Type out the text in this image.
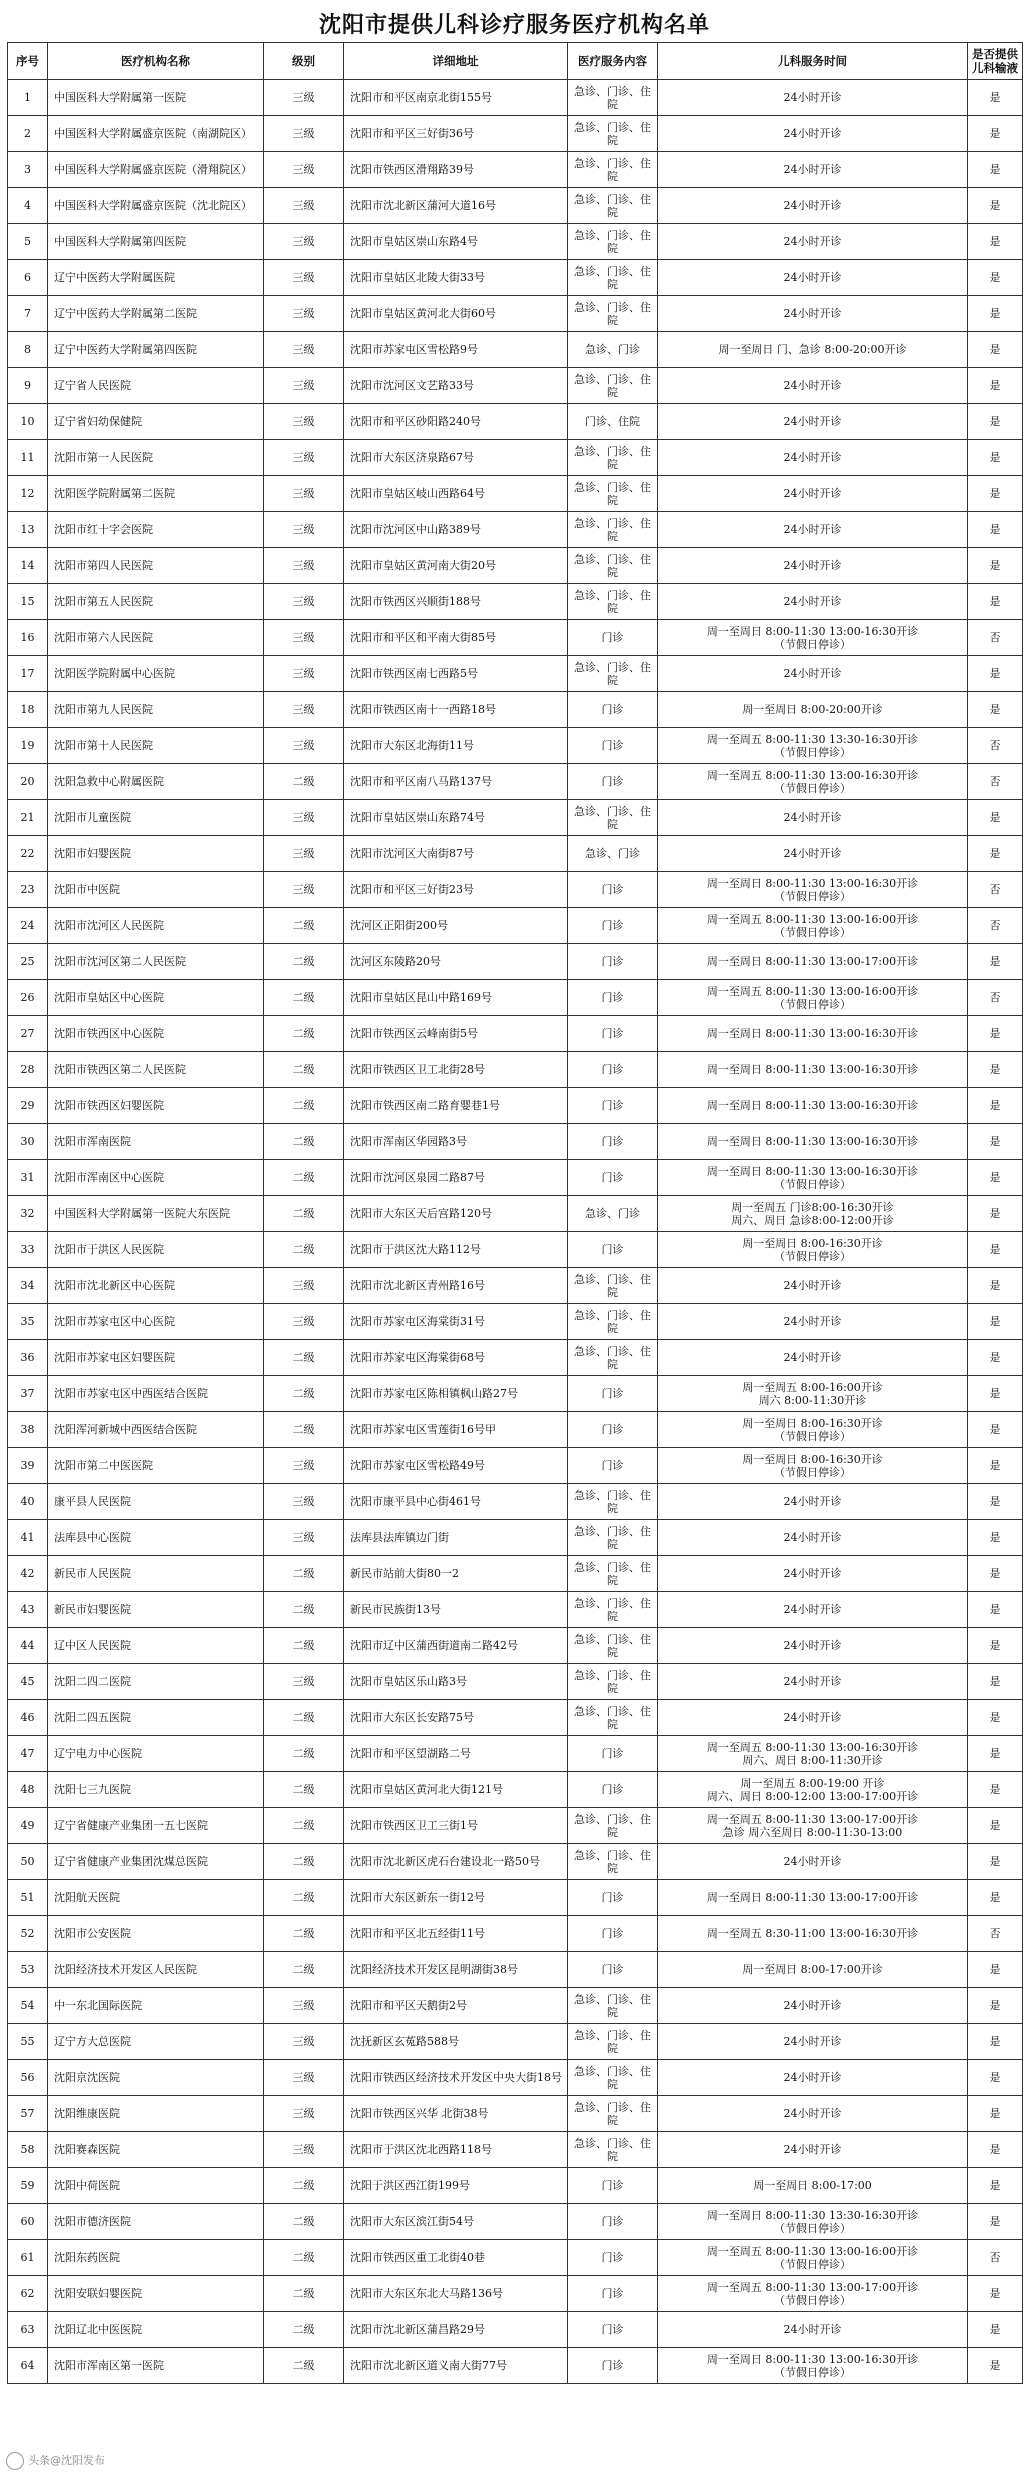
沈阳市提供儿科诊疗服务医疗机构名单
序号	医疗机构名称	级别	详细地址	医疗服务内容	儿科服务时间	是否提供儿科输液
1	中国医科大学附属第一医院	三级	沈阳市和平区南京北街155号	急诊、门诊、住院	24小时开诊	是
2	中国医科大学附属盛京医院（南湖院区）	三级	沈阳市和平区三好街36号	急诊、门诊、住院	24小时开诊	是
3	中国医科大学附属盛京医院（滑翔院区）	三级	沈阳市铁西区滑翔路39号	急诊、门诊、住院	24小时开诊	是
4	中国医科大学附属盛京医院（沈北院区）	三级	沈阳市沈北新区蒲河大道16号	急诊、门诊、住院	24小时开诊	是
5	中国医科大学附属第四医院	三级	沈阳市皇姑区崇山东路4号	急诊、门诊、住院	24小时开诊	是
6	辽宁中医药大学附属医院	三级	沈阳市皇姑区北陵大街33号	急诊、门诊、住院	24小时开诊	是
7	辽宁中医药大学附属第二医院	三级	沈阳市皇姑区黄河北大街60号	急诊、门诊、住院	24小时开诊	是
8	辽宁中医药大学附属第四医院	三级	沈阳市苏家屯区雪松路9号	急诊、门诊	周一至周日 门、急诊 8:00-20:00开诊	是
9	辽宁省人民医院	三级	沈阳市沈河区文艺路33号	急诊、门诊、住院	24小时开诊	是
10	辽宁省妇幼保健院	三级	沈阳市和平区砂阳路240号	门诊、住院	24小时开诊	是
11	沈阳市第一人民医院	三级	沈阳市大东区济泉路67号	急诊、门诊、住院	24小时开诊	是
12	沈阳医学院附属第二医院	三级	沈阳市皇姑区岐山西路64号	急诊、门诊、住院	24小时开诊	是
13	沈阳市红十字会医院	三级	沈阳市沈河区中山路389号	急诊、门诊、住院	24小时开诊	是
14	沈阳市第四人民医院	三级	沈阳市皇姑区黄河南大街20号	急诊、门诊、住院	24小时开诊	是
15	沈阳市第五人民医院	三级	沈阳市铁西区兴顺街188号	急诊、门诊、住院	24小时开诊	是
16	沈阳市第六人民医院	三级	沈阳市和平区和平南大街85号	门诊	周一至周日 8:00-11:30 13:00-16:30开诊
（节假日停诊）	否
17	沈阳医学院附属中心医院	三级	沈阳市铁西区南七西路5号	急诊、门诊、住院	24小时开诊	是
18	沈阳市第九人民医院	三级	沈阳市铁西区南十一西路18号	门诊	周一至周日 8:00-20:00开诊	是
19	沈阳市第十人民医院	三级	沈阳市大东区北海街11号	门诊	周一至周五 8:00-11:30 13:30-16:30开诊
（节假日停诊）	否
20	沈阳急救中心附属医院	二级	沈阳市和平区南八马路137号	门诊	周一至周五 8:00-11:30 13:00-16:30开诊
（节假日停诊）	否
21	沈阳市儿童医院	三级	沈阳市皇姑区崇山东路74号	急诊、门诊、住院	24小时开诊	是
22	沈阳市妇婴医院	三级	沈阳市沈河区大南街87号	急诊、门诊	24小时开诊	是
23	沈阳市中医院	三级	沈阳市和平区三好街23号	门诊	周一至周日 8:00-11:30 13:00-16:30开诊
（节假日停诊）	否
24	沈阳市沈河区人民医院	二级	沈河区正阳街200号	门诊	周一至周五 8:00-11:30 13:00-16:00开诊
（节假日停诊）	否
25	沈阳市沈河区第二人民医院	二级	沈河区东陵路20号	门诊	周一至周日 8:00-11:30 13:00-17:00开诊	是
26	沈阳市皇姑区中心医院	二级	沈阳市皇姑区昆山中路169号	门诊	周一至周五 8:00-11:30 13:00-16:00开诊
（节假日停诊）	否
27	沈阳市铁西区中心医院	二级	沈阳市铁西区云峰南街5号	门诊	周一至周日 8:00-11:30 13:00-16:30开诊	是
28	沈阳市铁西区第二人民医院	二级	沈阳市铁西区卫工北街28号	门诊	周一至周日 8:00-11:30 13:00-16:30开诊	是
29	沈阳市铁西区妇婴医院	二级	沈阳市铁西区南二路育婴巷1号	门诊	周一至周日 8:00-11:30 13:00-16:30开诊	是
30	沈阳市浑南医院	二级	沈阳市浑南区华园路3号	门诊	周一至周日 8:00-11:30 13:00-16:30开诊	是
31	沈阳市浑南区中心医院	二级	沈阳市沈河区泉园二路87号	门诊	周一至周日 8:00-11:30 13:00-16:30开诊
（节假日停诊）	是
32	中国医科大学附属第一医院大东医院	二级	沈阳市大东区天后宫路120号	急诊、门诊	周一至周五 门诊8:00-16:30开诊
周六、周日 急诊8:00-12:00开诊	是
33	沈阳市于洪区人民医院	二级	沈阳市于洪区沈大路112号	门诊	周一至周日 8:00-16:30开诊
（节假日停诊）	是
34	沈阳市沈北新区中心医院	三级	沈阳市沈北新区青州路16号	急诊、门诊、住院	24小时开诊	是
35	沈阳市苏家屯区中心医院	三级	沈阳市苏家屯区海棠街31号	急诊、门诊、住院	24小时开诊	是
36	沈阳市苏家屯区妇婴医院	二级	沈阳市苏家屯区海棠街68号	急诊、门诊、住院	24小时开诊	是
37	沈阳市苏家屯区中西医结合医院	二级	沈阳市苏家屯区陈相镇枫山路27号	门诊	周一至周五 8:00-16:00开诊
周六 8:00-11:30开诊	是
38	沈阳浑河新城中西医结合医院	二级	沈阳市苏家屯区雪莲街16号甲	门诊	周一至周日 8:00-16:30开诊
（节假日停诊）	是
39	沈阳市第二中医医院	三级	沈阳市苏家屯区雪松路49号	门诊	周一至周日 8:00-16:30开诊
（节假日停诊）	是
40	康平县人民医院	三级	沈阳市康平县中心街461号	急诊、门诊、住院	24小时开诊	是
41	法库县中心医院	三级	法库县法库镇边门街	急诊、门诊、住院	24小时开诊	是
42	新民市人民医院	二级	新民市站前大街80一2	急诊、门诊、住院	24小时开诊	是
43	新民市妇婴医院	二级	新民市民族街13号	急诊、门诊、住院	24小时开诊	是
44	辽中区人民医院	二级	沈阳市辽中区蒲西街道南二路42号	急诊、门诊、住院	24小时开诊	是
45	沈阳二四二医院	三级	沈阳市皇姑区乐山路3号	急诊、门诊、住院	24小时开诊	是
46	沈阳二四五医院	二级	沈阳市大东区长安路75号	急诊、门诊、住院	24小时开诊	是
47	辽宁电力中心医院	二级	沈阳市和平区望湖路二号	门诊	周一至周五 8:00-11:30 13:00-16:30开诊
周六、周日 8:00-11:30开诊	是
48	沈阳七三九医院	二级	沈阳市皇姑区黄河北大街121号	门诊	周一至周五 8:00-19:00 开诊
周六、周日 8:00-12:00 13:00-17:00开诊	是
49	辽宁省健康产业集团一五七医院	二级	沈阳市铁西区卫工三街1号	急诊、门诊、住院	周一至周五 8:00-11:30 13:00-17:00开诊
急诊 周六至周日 8:00-11:30-13:00	是
50	辽宁省健康产业集团沈煤总医院	二级	沈阳市沈北新区虎石台建设北一路50号	急诊、门诊、住院	24小时开诊	是
51	沈阳航天医院	二级	沈阳市大东区新东一街12号	门诊	周一至周日 8:00-11:30 13:00-17:00开诊	是
52	沈阳市公安医院	二级	沈阳市和平区北五经街11号	门诊	周一至周五 8:30-11:00 13:00-16:30开诊	否
53	沈阳经济技术开发区人民医院	二级	沈阳经济技术开发区昆明湖街38号	门诊	周一至周日 8:00-17:00开诊	是
54	中一东北国际医院	三级	沈阳市和平区天鹅街2号	急诊、门诊、住院	24小时开诊	是
55	辽宁方大总医院	三级	沈抚新区玄菟路588号	急诊、门诊、住院	24小时开诊	是
56	沈阳京沈医院	三级	沈阳市铁西区经济技术开发区中央大街18号	急诊、门诊、住院	24小时开诊	是
57	沈阳维康医院	三级	沈阳市铁西区兴华 北街38号	急诊、门诊、住院	24小时开诊	是
58	沈阳赛森医院	三级	沈阳市于洪区沈北西路118号	急诊、门诊、住院	24小时开诊	是
59	沈阳中荷医院	二级	沈阳于洪区西江街199号	门诊	周一至周日 8:00-17:00	是
60	沈阳市德济医院	二级	沈阳市大东区滨江街54号	门诊	周一至周日 8:00-11:30 13:30-16:30开诊
（节假日停诊）	是
61	沈阳东药医院	二级	沈阳市铁西区重工北街40巷	门诊	周一至周五 8:00-11:30 13:00-16:00开诊
（节假日停诊）	否
62	沈阳安联妇婴医院	二级	沈阳市大东区东北大马路136号	门诊	周一至周五 8:00-11:30 13:00-17:00开诊
（节假日停诊）	是
63	沈阳辽北中医医院	二级	沈阳市沈北新区蒲昌路29号	门诊	24小时开诊	是
64	沈阳市浑南区第一医院	二级	沈阳市沈北新区道义南大街77号	门诊	周一至周日 8:00-11:30 13:00-16:30开诊
（节假日停诊）	是
头条@沈阳发布
